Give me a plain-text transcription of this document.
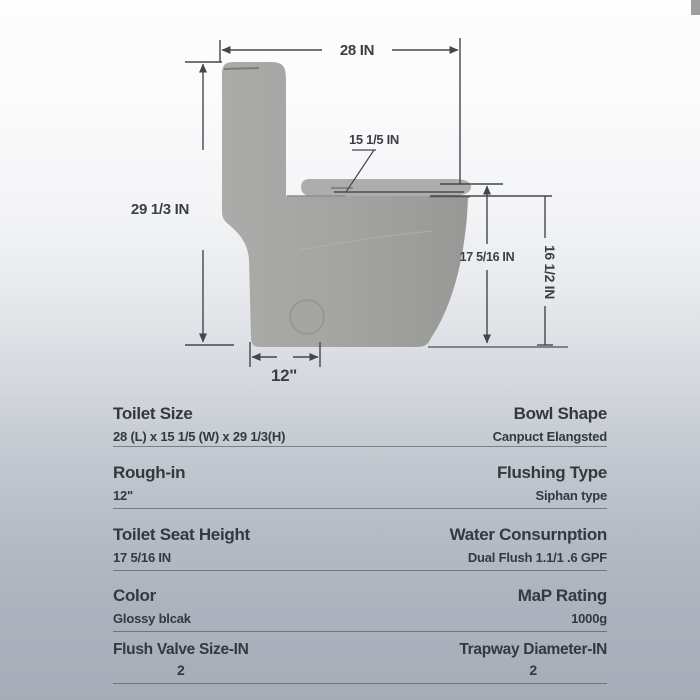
28 IN
29 1/3 IN
15 1/5 IN
17 5/16 IN 16 1/2 IN
12"
Toilet Size
28 (L) x 15 1/5 (W) x 29 1/3(H)
Bowl Shape
Canpuct Elangsted
Rough-in
12"
Flushing Type
Siphan type
Toilet Seat Height
17 5/16 IN
Water Consurnption
Dual Flush 1.1/1 .6 GPF
Color
Glossy blcak
MaP Rating
1000g
Flush Valve Size-IN
2
Trapway Diameter-IN
2
